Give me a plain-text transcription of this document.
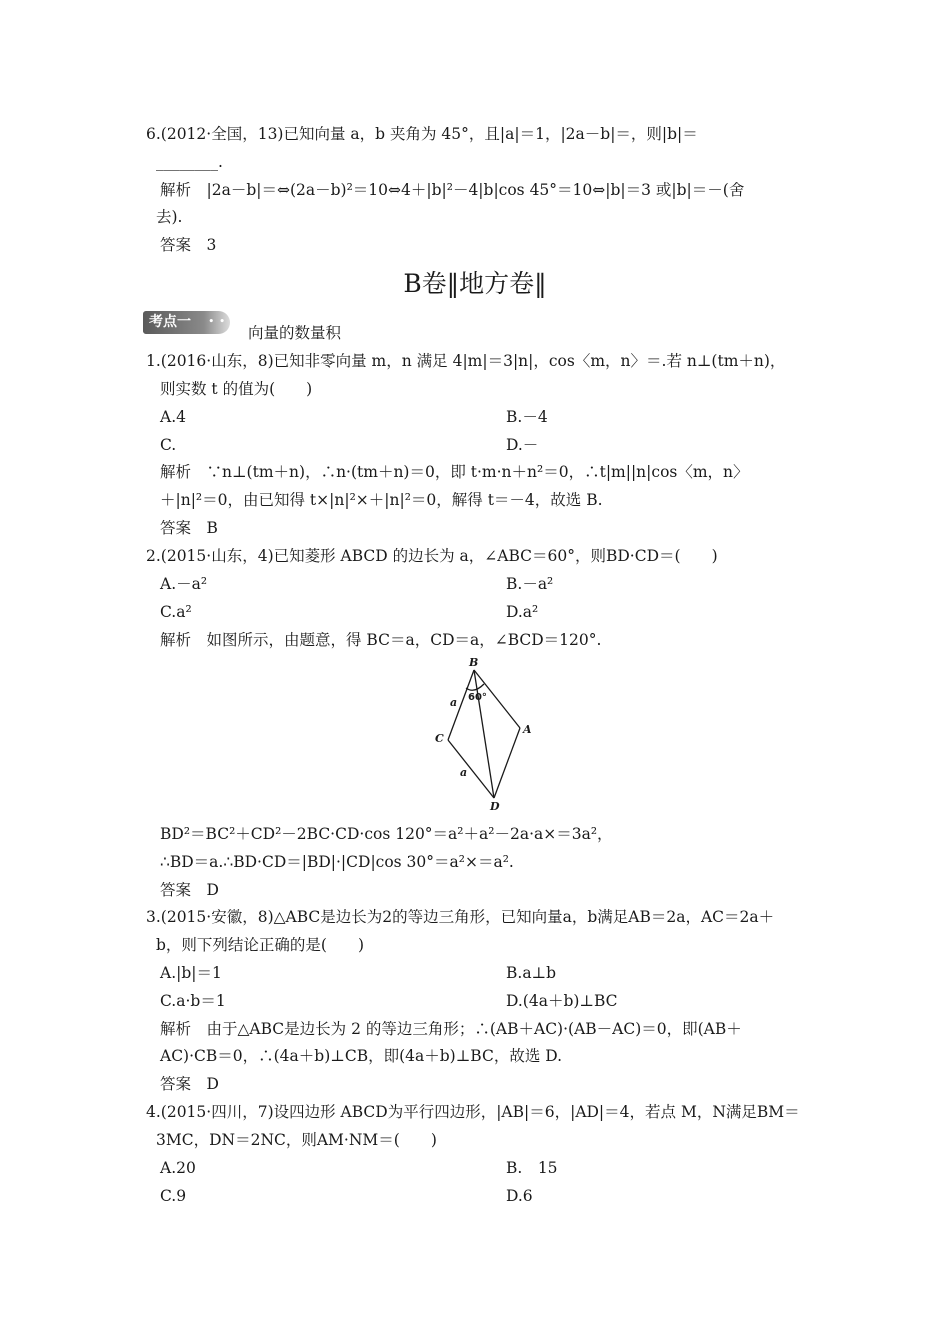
6.(2012·全国，13)已知向量 a，b 夹角为 45°，且|a|＝1，|2a－b|＝，则|b|＝
________.
解析　|2a－b|＝⇔(2a－b)²＝10⇔4＋|b|²－4|b|cos 45°＝10⇔|b|＝3 或|b|＝－(舍
去).
答案　3
B卷‖地方卷‖
考点一 • •
向量的数量积
1.(2016·山东，8)已知非零向量 m，n 满足 4|m|＝3|n|，cos〈m，n〉＝.若 n⊥(tm＋n)，
则实数 t 的值为(　　)
A.4	B.－4
C.	D.－
解析　∵n⊥(tm＋n)，∴n·(tm＋n)＝0，即 t·m·n＋n²＝0，∴t|m||n|cos〈m，n〉
＋|n|²＝0，由已知得 t×|n|²×＋|n|²＝0，解得 t＝－4，故选 B.
答案　B
2.(2015·山东，4)已知菱形 ABCD 的边长为 a，∠ABC＝60°，则BD·CD＝(　　)
A.－a²	B.－a²
C.a²	D.a²
解析　如图所示，由题意，得 BC＝a，CD＝a，∠BCD＝120°.
B
A
C
D
a
a
60°
BD²＝BC²＋CD²－2BC·CD·cos 120°＝a²＋a²－2a·a×＝3a²，
∴BD＝a.∴BD·CD＝|BD|·|CD|cos 30°＝a²×＝a².
答案　D
3.(2015·安徽，8)△ABC是边长为2的等边三角形，已知向量a，b满足AB＝2a，AC＝2a＋
b，则下列结论正确的是(　　)
A.|b|＝1	B.a⊥b
C.a·b＝1	D.(4a＋b)⊥BC
解析　由于△ABC是边长为 2 的等边三角形；∴(AB＋AC)·(AB－AC)＝0，即(AB＋
AC)·CB＝0，∴(4a＋b)⊥CB，即(4a＋b)⊥BC，故选 D.
答案　D
4.(2015·四川，7)设四边形 ABCD为平行四边形，|AB|＝6，|AD|＝4，若点 M，N满足BM＝
3MC，DN＝2NC，则AM·NM＝(　　)
A.20	B.　15
C.9	D.6
